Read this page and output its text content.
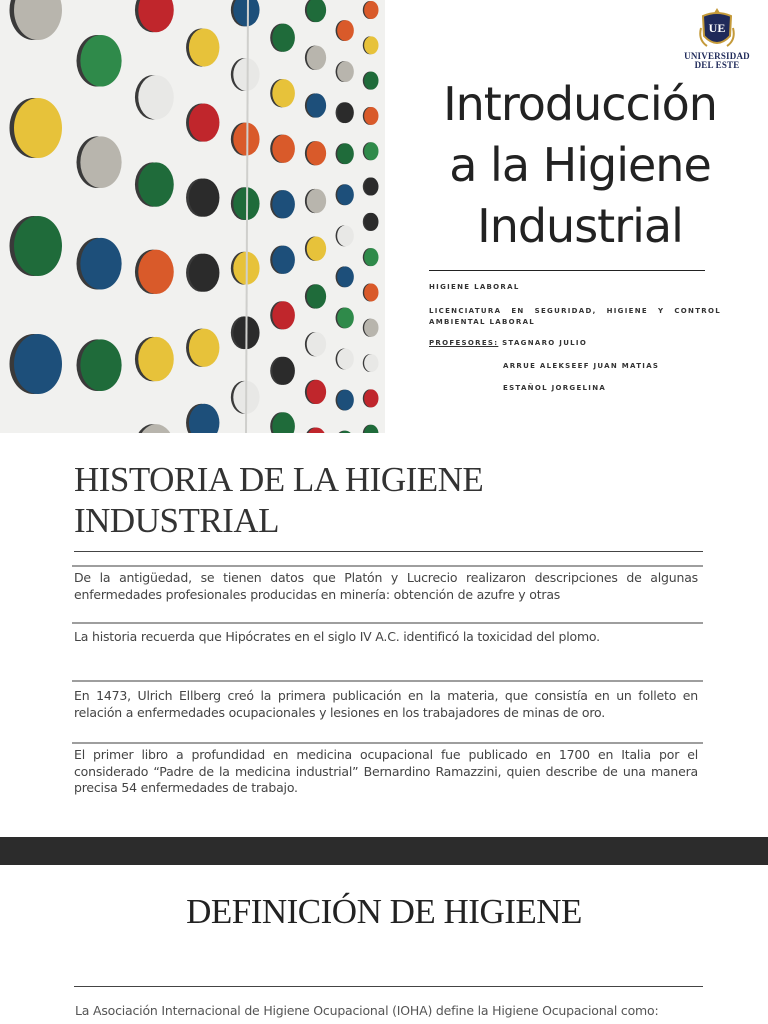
UE
UNIVERSIDAD
DEL ESTE
Introducción
a la Higiene
Industrial
HIGIENE LABORAL
LICENCIATURA EN SEGURIDAD, HIGIENE Y CONTROL AMBIENTAL LABORAL
PROFESORES: STAGNARO JULIO
ARRUE ALEKSEEF JUAN MATIAS
ESTAÑOL JORGELINA
HISTORIA DE LA HIGIENE
INDUSTRIAL
De la antigüedad, se tienen datos que Platón y Lucrecio realizaron descripciones de algunas enfermedades profesionales producidas en minería: obtención de azufre y otras
La historia recuerda que Hipócrates en el siglo IV A.C. identificó la toxicidad del plomo.
En 1473, Ulrich Ellberg creó la primera publicación en la materia, que consistía en un folleto en relación a enfermedades ocupacionales y lesiones en los trabajadores de minas de oro.
El primer libro a profundidad en medicina ocupacional fue publicado en 1700 en Italia por el considerado “Padre de la medicina industrial” Bernardino Ramazzini, quien describe de una manera precisa 54 enfermedades de trabajo.
DEFINICIÓN DE HIGIENE
La Asociación Internacional de Higiene Ocupacional (IOHA) define la Higiene Ocupacional como:
